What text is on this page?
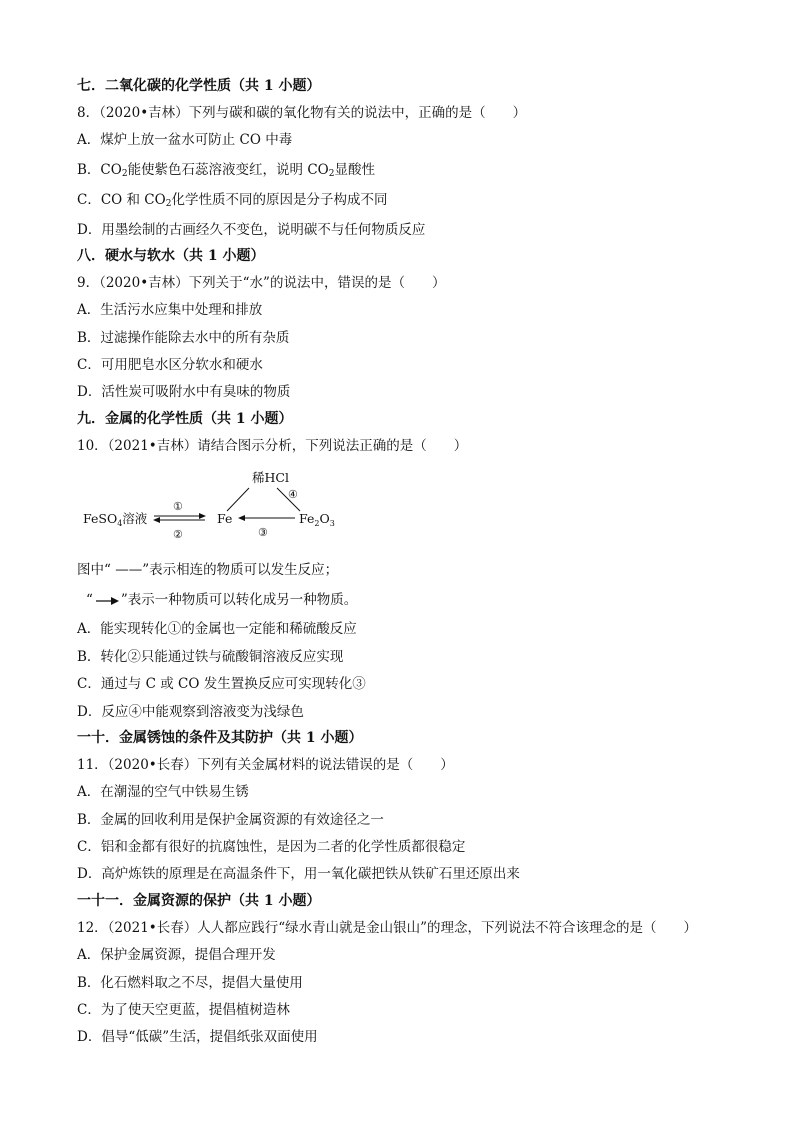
七．二氧化碳的化学性质（共 1 小题）
8．（2020•吉林）下列与碳和碳的氧化物有关的说法中，正确的是（　　）
A．煤炉上放一盆水可防止 CO 中毒
B．$CO_2$能使紫色石蕊溶液变红，说明 $CO_2$显酸性
C．CO 和 $CO_2$化学性质不同的原因是分子构成不同
D．用墨绘制的古画经久不变色，说明碳不与任何物质反应
八．硬水与软水（共 1 小题）
9．（2020•吉林）下列关于“水”的说法中，错误的是（　　）
A．生活污水应集中处理和排放
B．过滤操作能除去水中的所有杂质
C．可用肥皂水区分软水和硬水
D．活性炭可吸附水中有臭味的物质
九．金属的化学性质（共 1 小题）
10．（2021•吉林）请结合图示分析，下列说法正确的是（　　）
稀HCl
④
FeSO$_4$溶液
①
②
Fe
③
$Fe_2O_3$
图中“ ——”表示相连的物质可以发生反应；
“ ”表示一种物质可以转化成另一种物质。
A．能实现转化①的金属也一定能和稀硫酸反应
B．转化②只能通过铁与硫酸铜溶液反应实现
C．通过与 C 或 CO 发生置换反应可实现转化③
D．反应④中能观察到溶液变为浅绿色
一十．金属锈蚀的条件及其防护（共 1 小题）
11．（2020•长春）下列有关金属材料的说法错误的是（　　）
A．在潮湿的空气中铁易生锈
B．金属的回收利用是保护金属资源的有效途径之一
C．铝和金都有很好的抗腐蚀性，是因为二者的化学性质都很稳定
D．高炉炼铁的原理是在高温条件下，用一氧化碳把铁从铁矿石里还原出来
一十一．金属资源的保护（共 1 小题）
12．（2021•长春）人人都应践行“绿水青山就是金山银山”的理念，下列说法不符合该理念的是（　　）
A．保护金属资源，提倡合理开发
B．化石燃料取之不尽，提倡大量使用
C．为了使天空更蓝，提倡植树造林
D．倡导“低碳”生活，提倡纸张双面使用
